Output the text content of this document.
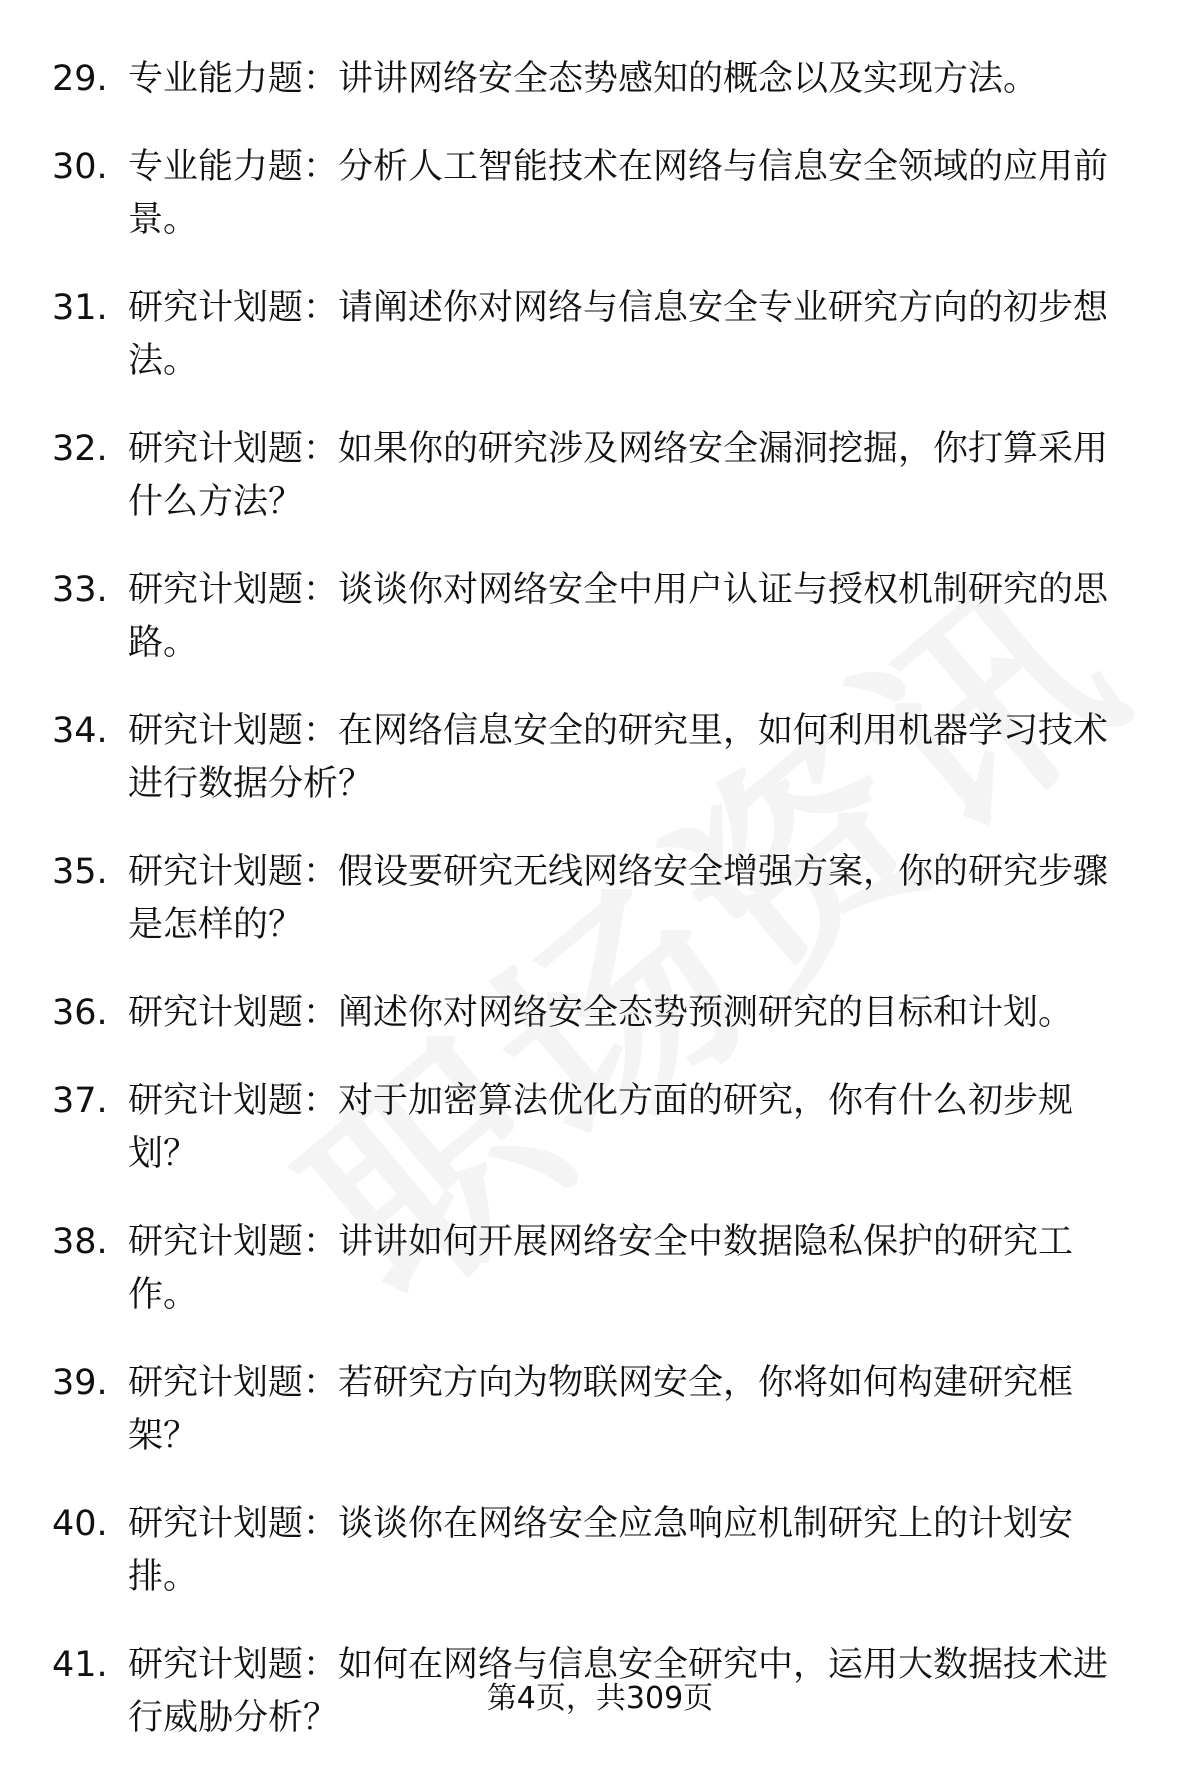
29. 专业能力题：讲讲网络安全态势感知的概念以及实现方法。
30. 专业能力题：分析人工智能技术在网络与信息安全领域的应用前景。
31. 研究计划题：请阐述你对网络与信息安全专业研究方向的初步想法。
32. 研究计划题：如果你的研究涉及网络安全漏洞挖掘，你打算采用什么方法？
33. 研究计划题：谈谈你对网络安全中用户认证与授权机制研究的思路。
34. 研究计划题：在网络信息安全的研究里，如何利用机器学习技术进行数据分析？
35. 研究计划题：假设要研究无线网络安全增强方案，你的研究步骤是怎样的？
36. 研究计划题：阐述你对网络安全态势预测研究的目标和计划。
37. 研究计划题：对于加密算法优化方面的研究，你有什么初步规划？
38. 研究计划题：讲讲如何开展网络安全中数据隐私保护的研究工作。
39. 研究计划题：若研究方向为物联网安全，你将如何构建研究框架？
40. 研究计划题：谈谈你在网络安全应急响应机制研究上的计划安排。
41. 研究计划题：如何在网络与信息安全研究中，运用大数据技术进行威胁分析？	第4页，共309页
